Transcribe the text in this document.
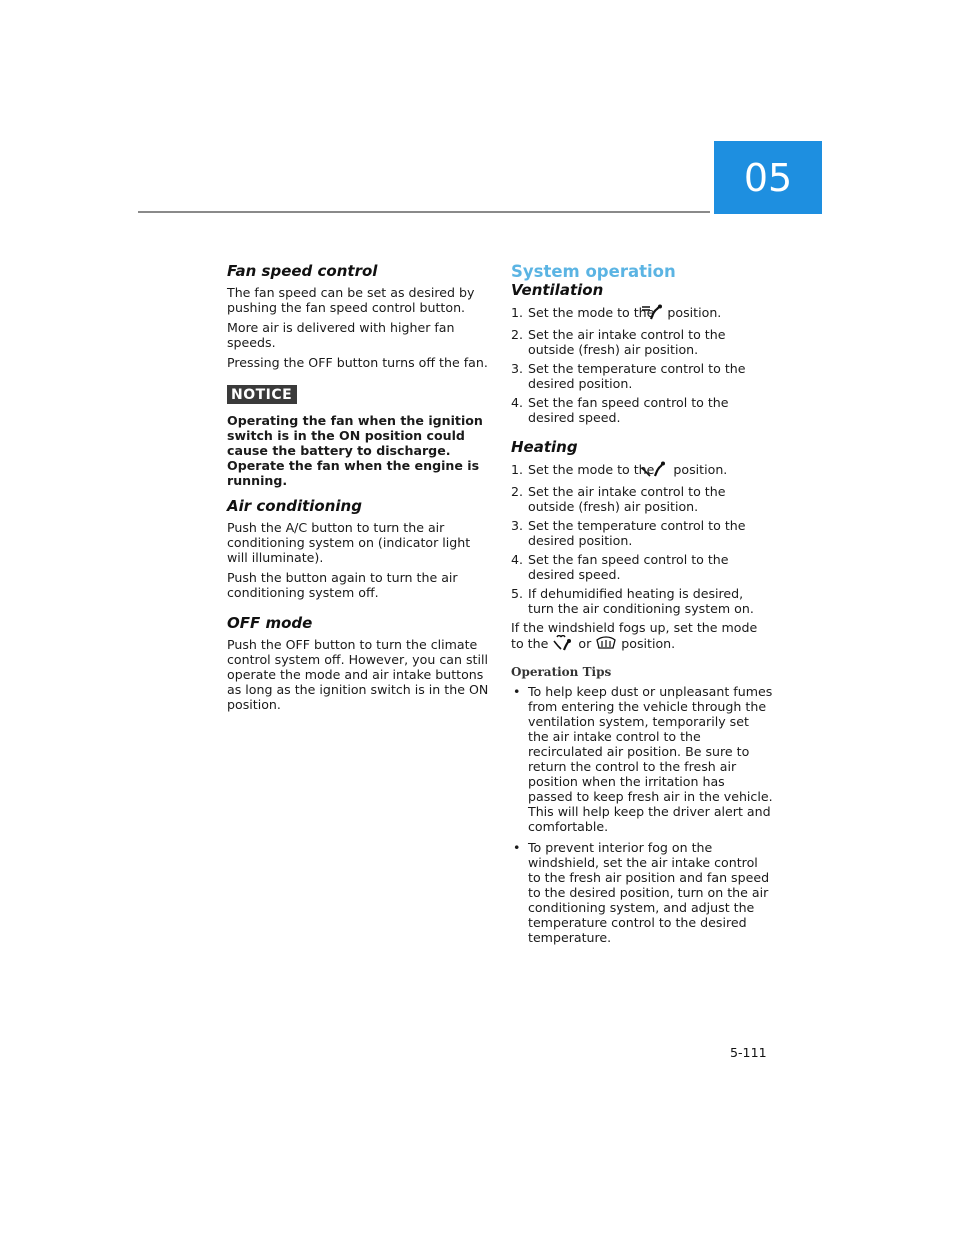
05
Fan speed control

The fan speed can be set as desired by pushing the fan speed control button.

More air is delivered with higher fan speeds.

Pressing the OFF button turns off the fan.

NOTICE

Operating the fan when the ignition switch is in the ON position could cause the battery to discharge. Operate the fan when the engine is running.

Air conditioning

Push the A/C button to turn the air conditioning system on (indicator light will illuminate).

Push the button again to turn the air conditioning system off.

OFF mode

Push the OFF button to turn the climate control system off. However, you can still operate the mode and air intake buttons as long as the ignition switch is in the ON position.

System operation
Ventilation
1. Set the mode to the position.
2. Set the air intake control to the outside (fresh) air position.
3. Set the temperature control to the desired position.
4. Set the fan speed control to the desired speed.
Heating
1. Set the mode to the position.
2. Set the air intake control to the outside (fresh) air position.
3. Set the temperature control to the desired position.
4. Set the fan speed control to the desired speed.
5. If dehumidified heating is desired, turn the air conditioning system on.

If the windshield fogs up, set the mode to the or position.

Operation Tips
• To help keep dust or unpleasant fumes from entering the vehicle through the ventilation system, temporarily set the air intake control to the recirculated air position. Be sure to return the control to the fresh air position when the irritation has passed to keep fresh air in the vehicle. This will help keep the driver alert and comfortable.
• To prevent interior fog on the windshield, set the air intake control to the fresh air position and fan speed to the desired position, turn on the air conditioning system, and adjust the temperature control to the desired temperature.
5-111
